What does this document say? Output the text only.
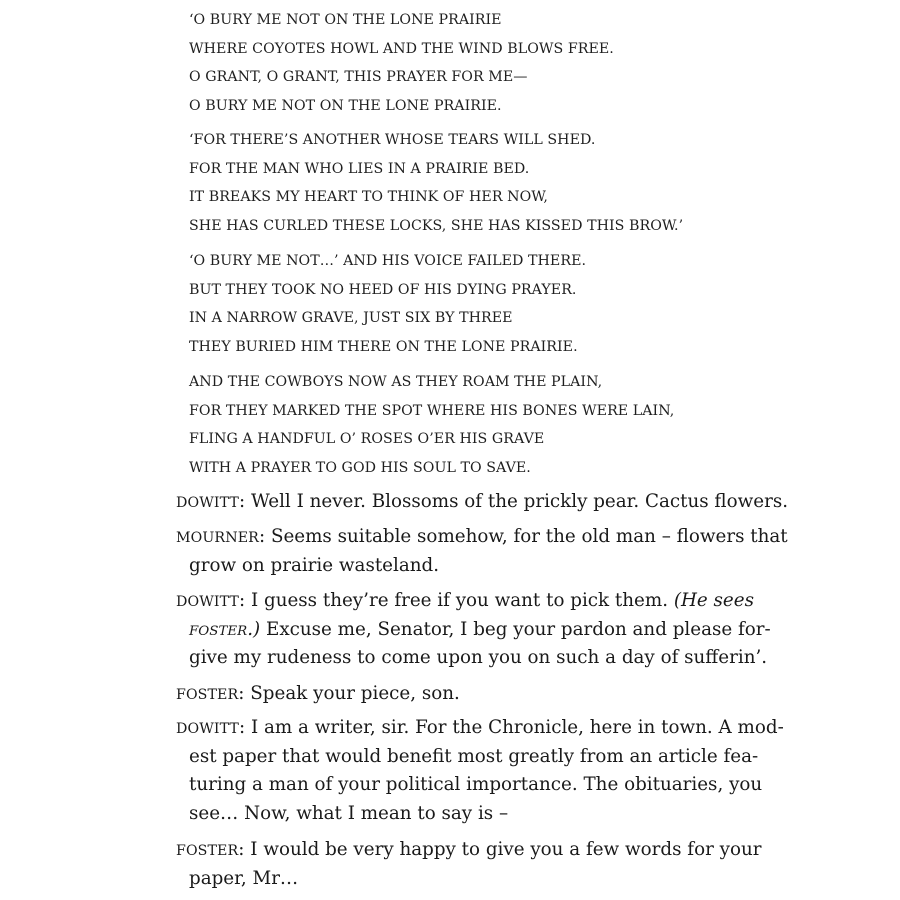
‘O BURY ME NOT ON THE LONE PRAIRIE
WHERE COYOTES HOWL AND THE WIND BLOWS FREE.
O GRANT, O GRANT, THIS PRAYER FOR ME—
O BURY ME NOT ON THE LONE PRAIRIE.
‘FOR THERE’S ANOTHER WHOSE TEARS WILL SHED.
FOR THE MAN WHO LIES IN A PRAIRIE BED.
IT BREAKS MY HEART TO THINK OF HER NOW,
SHE HAS CURLED THESE LOCKS, SHE HAS KISSED THIS BROW.’
‘O BURY ME NOT…’ AND HIS VOICE FAILED THERE.
BUT THEY TOOK NO HEED OF HIS DYING PRAYER.
IN A NARROW GRAVE, JUST SIX BY THREE
THEY BURIED HIM THERE ON THE LONE PRAIRIE.
AND THE COWBOYS NOW AS THEY ROAM THE PLAIN,
FOR THEY MARKED THE SPOT WHERE HIS BONES WERE LAIN,
FLING A HANDFUL O’ ROSES O’ER HIS GRAVE
WITH A PRAYER TO GOD HIS SOUL TO SAVE.
DOWITT: Well I never. Blossoms of the prickly pear. Cactus flowers.
MOURNER: Seems suitable somehow, for the old man – flowers that
grow on prairie wasteland.
DOWITT: I guess they’re free if you want to pick them. (He sees
FOSTER.) Excuse me, Senator, I beg your pardon and please for-
give my rudeness to come upon you on such a day of sufferin’.
FOSTER: Speak your piece, son.
DOWITT: I am a writer, sir. For the Chronicle, here in town. A mod-
est paper that would benefit most greatly from an article fea-
turing a man of your political importance. The obituaries, you
see… Now, what I mean to say is –
FOSTER: I would be very happy to give you a few words for your
paper, Mr…
